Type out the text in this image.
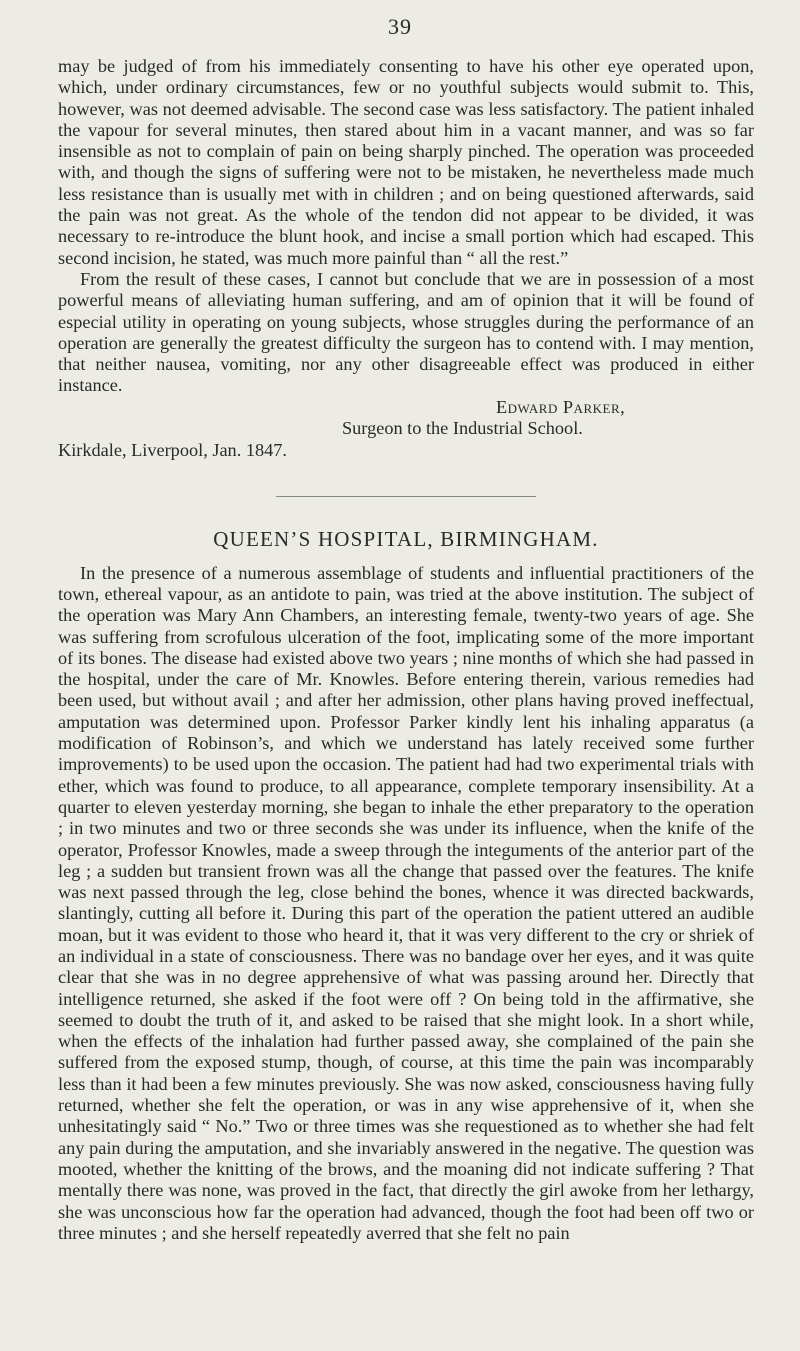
39

may be judged of from his immediately consenting to have his other eye operated upon, which, under ordinary circumstances, few or no youthful subjects would submit to. This, however, was not deemed advisable. The second case was less satisfactory. The patient inhaled the vapour for several minutes, then stared about him in a vacant manner, and was so far insensible as not to complain of pain on being sharply pinched. The operation was proceeded with, and though the signs of suffering were not to be mistaken, he nevertheless made much less resistance than is usually met with in children ; and on being questioned afterwards, said the pain was not great. As the whole of the tendon did not appear to be divided, it was necessary to re-introduce the blunt hook, and incise a small portion which had escaped. This second incision, he stated, was much more painful than “ all the rest.”

From the result of these cases, I cannot but conclude that we are in possession of a most powerful means of alleviating human suffering, and am of opinion that it will be found of especial utility in operating on young subjects, whose struggles during the performance of an operation are generally the greatest difficulty the surgeon has to contend with. I may mention, that neither nausea, vomiting, nor any other disagreeable effect was produced in either instance.

Edward Parker,
Surgeon to the Industrial School.
Kirkdale, Liverpool, Jan. 1847.
QUEEN’S HOSPITAL, BIRMINGHAM.

In the presence of a numerous assemblage of students and influential practitioners of the town, ethereal vapour, as an antidote to pain, was tried at the above institution. The subject of the operation was Mary Ann Chambers, an interesting female, twenty-two years of age. She was suffering from scrofulous ulceration of the foot, implicating some of the more important of its bones. The disease had existed above two years ; nine months of which she had passed in the hospital, under the care of Mr. Knowles. Before entering therein, various remedies had been used, but without avail ; and after her admission, other plans having proved ineffectual, amputation was determined upon. Professor Parker kindly lent his inhaling apparatus (a modification of Robinson’s, and which we understand has lately received some further improvements) to be used upon the occasion. The patient had had two experimental trials with ether, which was found to produce, to all appearance, complete temporary insensibility. At a quarter to eleven yesterday morning, she began to inhale the ether preparatory to the operation ; in two minutes and two or three seconds she was under its influence, when the knife of the operator, Professor Knowles, made a sweep through the integuments of the anterior part of the leg ; a sudden but transient frown was all the change that passed over the features. The knife was next passed through the leg, close behind the bones, whence it was directed backwards, slantingly, cutting all before it. During this part of the operation the patient uttered an audible moan, but it was evident to those who heard it, that it was very different to the cry or shriek of an individual in a state of consciousness. There was no bandage over her eyes, and it was quite clear that she was in no degree apprehensive of what was passing around her. Directly that intelligence returned, she asked if the foot were off ? On being told in the affirmative, she seemed to doubt the truth of it, and asked to be raised that she might look. In a short while, when the effects of the inhalation had further passed away, she complained of the pain she suffered from the exposed stump, though, of course, at this time the pain was incomparably less than it had been a few minutes previously. She was now asked, consciousness having fully returned, whether she felt the operation, or was in any wise apprehensive of it, when she unhesitatingly said “ No.” Two or three times was she requestioned as to whether she had felt any pain during the amputation, and she invariably answered in the negative. The question was mooted, whether the knitting of the brows, and the moaning did not indicate suffering ? That mentally there was none, was proved in the fact, that directly the girl awoke from her lethargy, she was unconscious how far the operation had advanced, though the foot had been off two or three minutes ; and she herself repeatedly averred that she felt no pain
